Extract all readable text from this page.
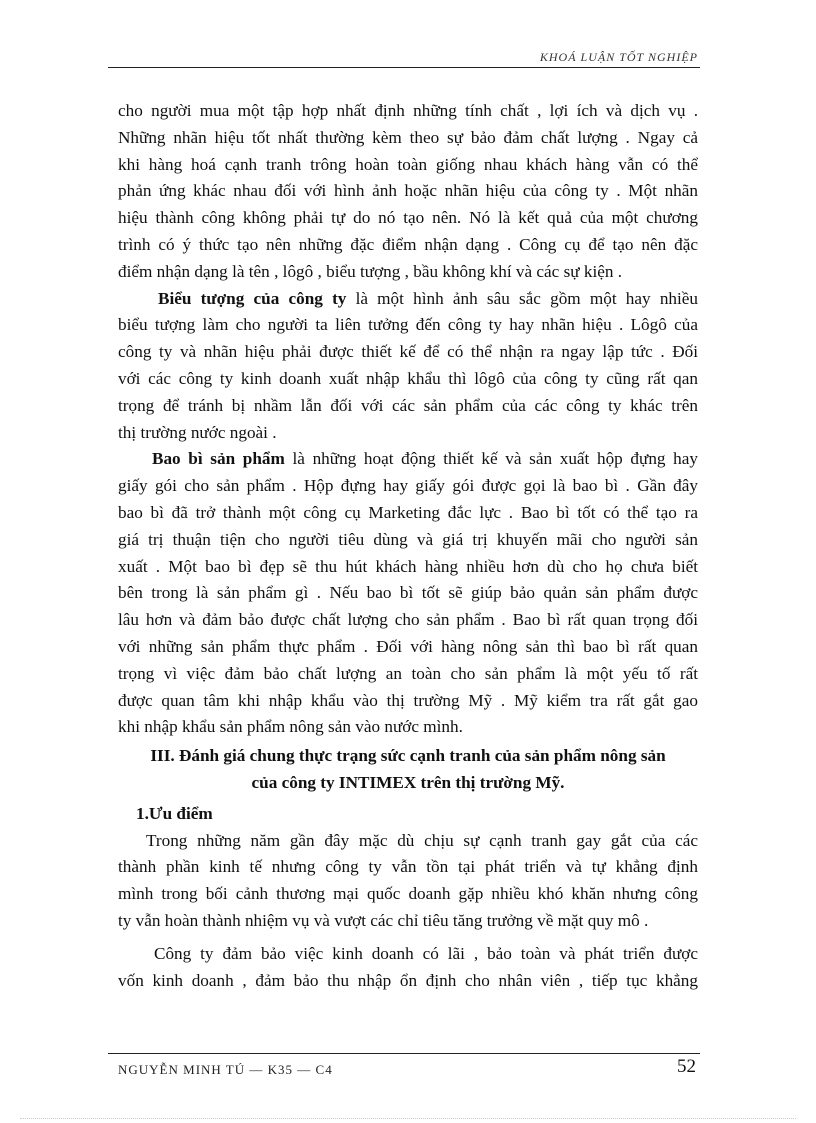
KHOÁ LUẬN TỐT NGHIỆP
cho người mua một tập hợp nhất định những tính chất , lợi ích và dịch vụ .
Những nhãn hiệu tốt nhất thường kèm theo sự bảo đảm chất lượng . Ngay cả
khi hàng hoá cạnh tranh trông hoàn toàn giống nhau khách hàng vẫn có thể
phản ứng khác nhau đối với hình ảnh hoặc nhãn hiệu của công ty . Một nhãn
hiệu thành công không phải tự do nó tạo nên. Nó là kết quả của một chương
trình có ý thức tạo nên những đặc điểm nhận dạng . Công cụ để tạo nên đặc
điểm nhận dạng là tên , lôgô , biểu tượng , bầu không khí và các sự kiện .
Biểu tượng của công ty là một hình ảnh sâu sắc gồm một hay nhiều
biểu tượng làm cho người ta liên tưởng đến công ty hay nhãn hiệu . Lôgô của
công ty và nhãn hiệu phải được thiết kế để có thể nhận ra ngay lập tức . Đối
với các công ty kinh doanh xuất nhập khẩu thì lôgô của công ty cũng rất qan
trọng để tránh bị nhầm lẫn đối với các sản phẩm của các công ty khác trên
thị trường nước ngoài .
Bao bì sản phẩm là những hoạt động thiết kế và sản xuất hộp đựng hay
giấy gói cho sản phẩm . Hộp đựng hay giấy gói được gọi là bao bì . Gần đây
bao bì đã trở thành một công cụ Marketing đắc lực . Bao bì tốt có thể tạo ra
giá trị thuận tiện cho người tiêu dùng và giá trị khuyến mãi cho người sản
xuất . Một bao bì đẹp sẽ thu hút khách hàng nhiều hơn dù cho họ chưa biết
bên trong là sản phẩm gì . Nếu bao bì tốt sẽ giúp bảo quản sản phẩm được
lâu hơn và đảm bảo được chất lượng cho sản phẩm . Bao bì rất quan trọng đối
với những sản phẩm thực phẩm . Đối với hàng nông sản thì bao bì rất quan
trọng vì việc đảm bảo chất lượng an toàn cho sản phẩm là một yếu tố rất
được quan tâm khi nhập khẩu vào thị trường Mỹ . Mỹ kiểm tra rất gắt gao
khi nhập khẩu sản phẩm nông sản vào nước mình.
III. Đánh giá chung thực trạng sức cạnh tranh của sản phẩm nông sản
của công ty INTIMEX trên thị trường Mỹ.
1.Ưu điểm
Trong những năm gần đây mặc dù chịu sự cạnh tranh gay gắt của các
thành phần kinh tế nhưng công ty vẫn tồn tại phát triển và tự khẳng định
mình trong bối cảnh thương mại quốc doanh gặp nhiều khó khăn nhưng công
ty vẫn hoàn thành nhiệm vụ và vượt các chỉ tiêu tăng trưởng về mặt quy mô .
Công ty đảm bảo việc kinh doanh có lãi , bảo toàn và phát triển được
vốn kinh doanh , đảm bảo thu nhập ổn định cho nhân viên , tiếp tục khẳng
NGUYỄN MINH TÚ — K35 — C4	52
